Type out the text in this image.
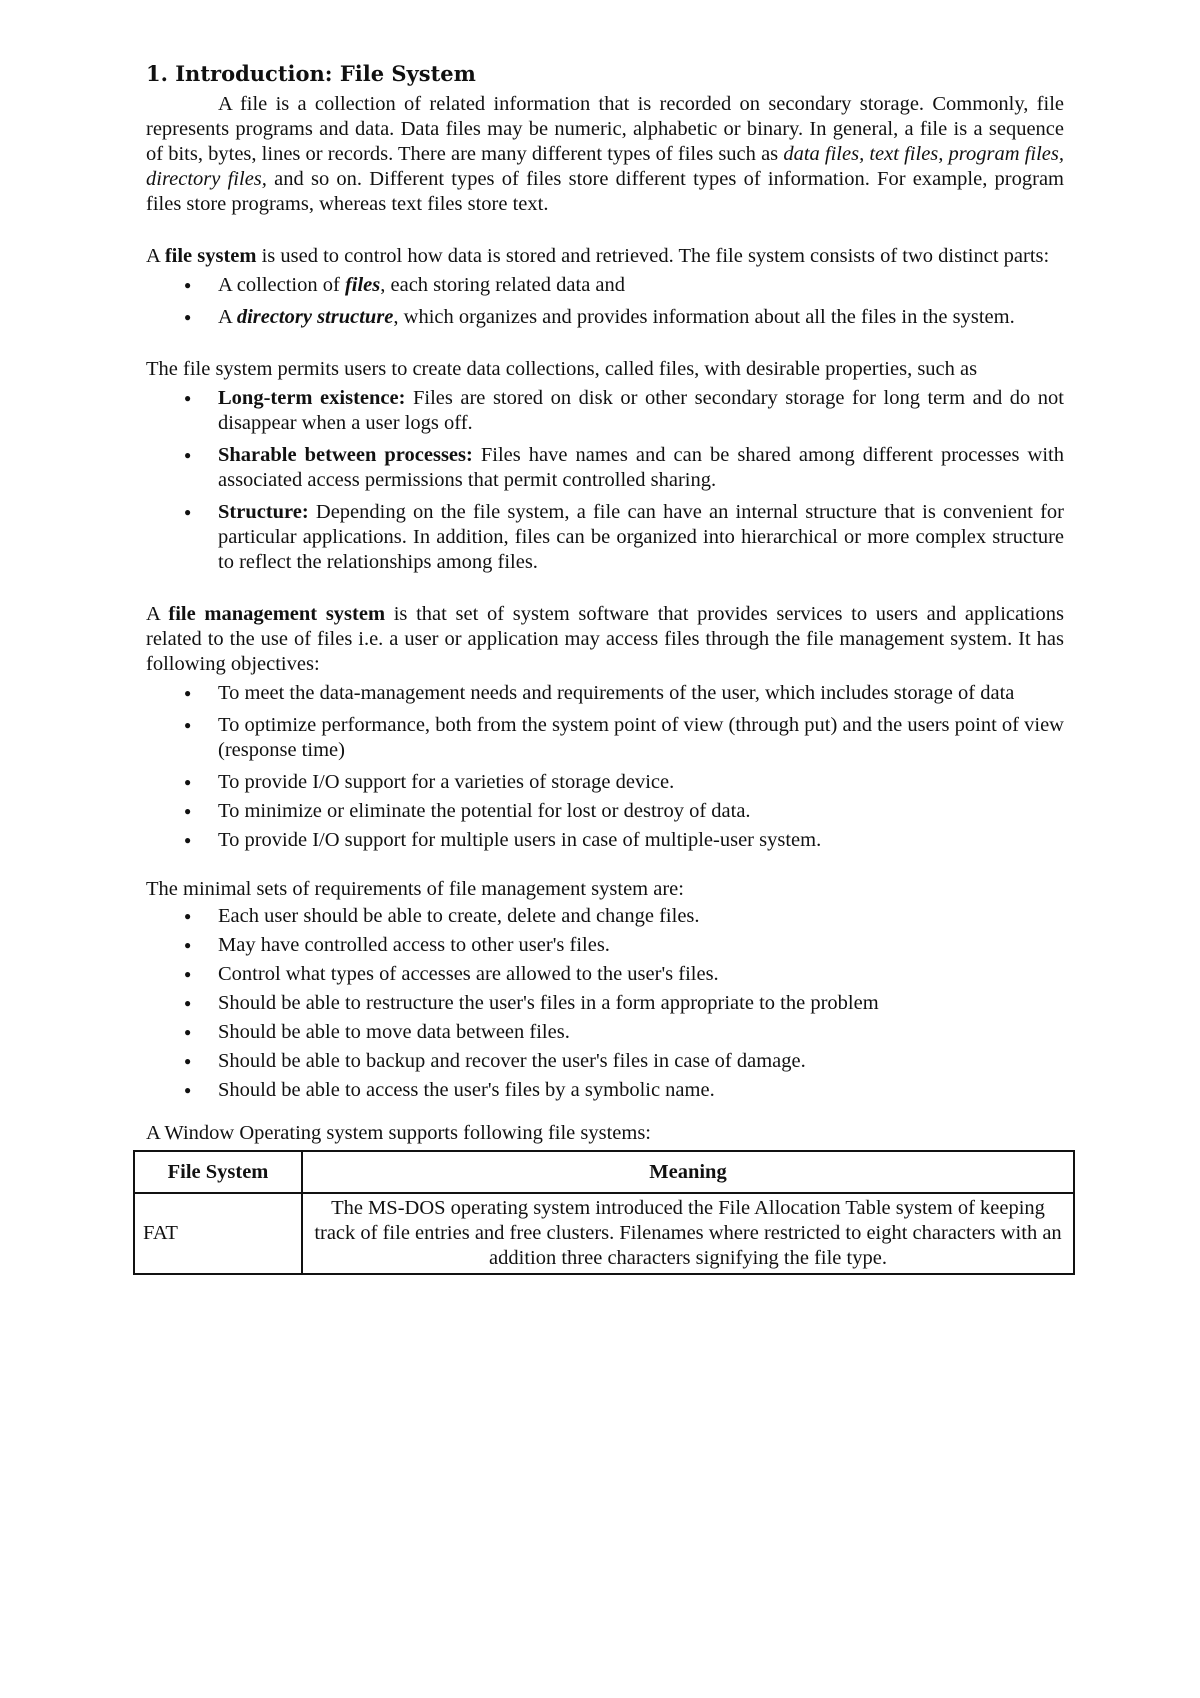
1. Introduction: File System

A file is a collection of related information that is recorded on secondary storage. Commonly, file represents programs and data. Data files may be numeric, alphabetic or binary. In general, a file is a sequence of bits, bytes, lines or records. There are many different types of files such as data files, text files, program files, directory files, and so on. Different types of files store different types of information. For example, program files store programs, whereas text files store text.

A file system is used to control how data is stored and retrieved. The file system consists of two distinct parts:

● A collection of files, each storing related data and
● A directory structure, which organizes and provides information about all the files in the system.

The file system permits users to create data collections, called files, with desirable properties, such as

● Long-term existence: Files are stored on disk or other secondary storage for long term and do not disappear when a user logs off.
● Sharable between processes: Files have names and can be shared among different processes with associated access permissions that permit controlled sharing.
● Structure: Depending on the file system, a file can have an internal structure that is convenient for particular applications. In addition, files can be organized into hierarchical or more complex structure to reflect the relationships among files.

A file management system is that set of system software that provides services to users and applications related to the use of files i.e. a user or application may access files through the file management system. It has following objectives:

● To meet the data-management needs and requirements of the user, which includes storage of data
● To optimize performance, both from the system point of view (through put) and the users point of view (response time)
● To provide I/O support for a varieties of storage device.
● To minimize or eliminate the potential for lost or destroy of data.
● To provide I/O support for multiple users in case of multiple-user system.

The minimal sets of requirements of file management system are:

● Each user should be able to create, delete and change files.
● May have controlled access to other user's files.
● Control what types of accesses are allowed to the user's files.
● Should be able to restructure the user's files in a form appropriate to the problem
● Should be able to move data between files.
● Should be able to backup and recover the user's files in case of damage.
● Should be able to access the user's files by a symbolic name.

A Window Operating system supports following file systems:

File System	Meaning
FAT	The MS-DOS operating system introduced the File Allocation Table system of keeping track of file entries and free clusters. Filenames where restricted to eight characters with an addition three characters signifying the file type.
